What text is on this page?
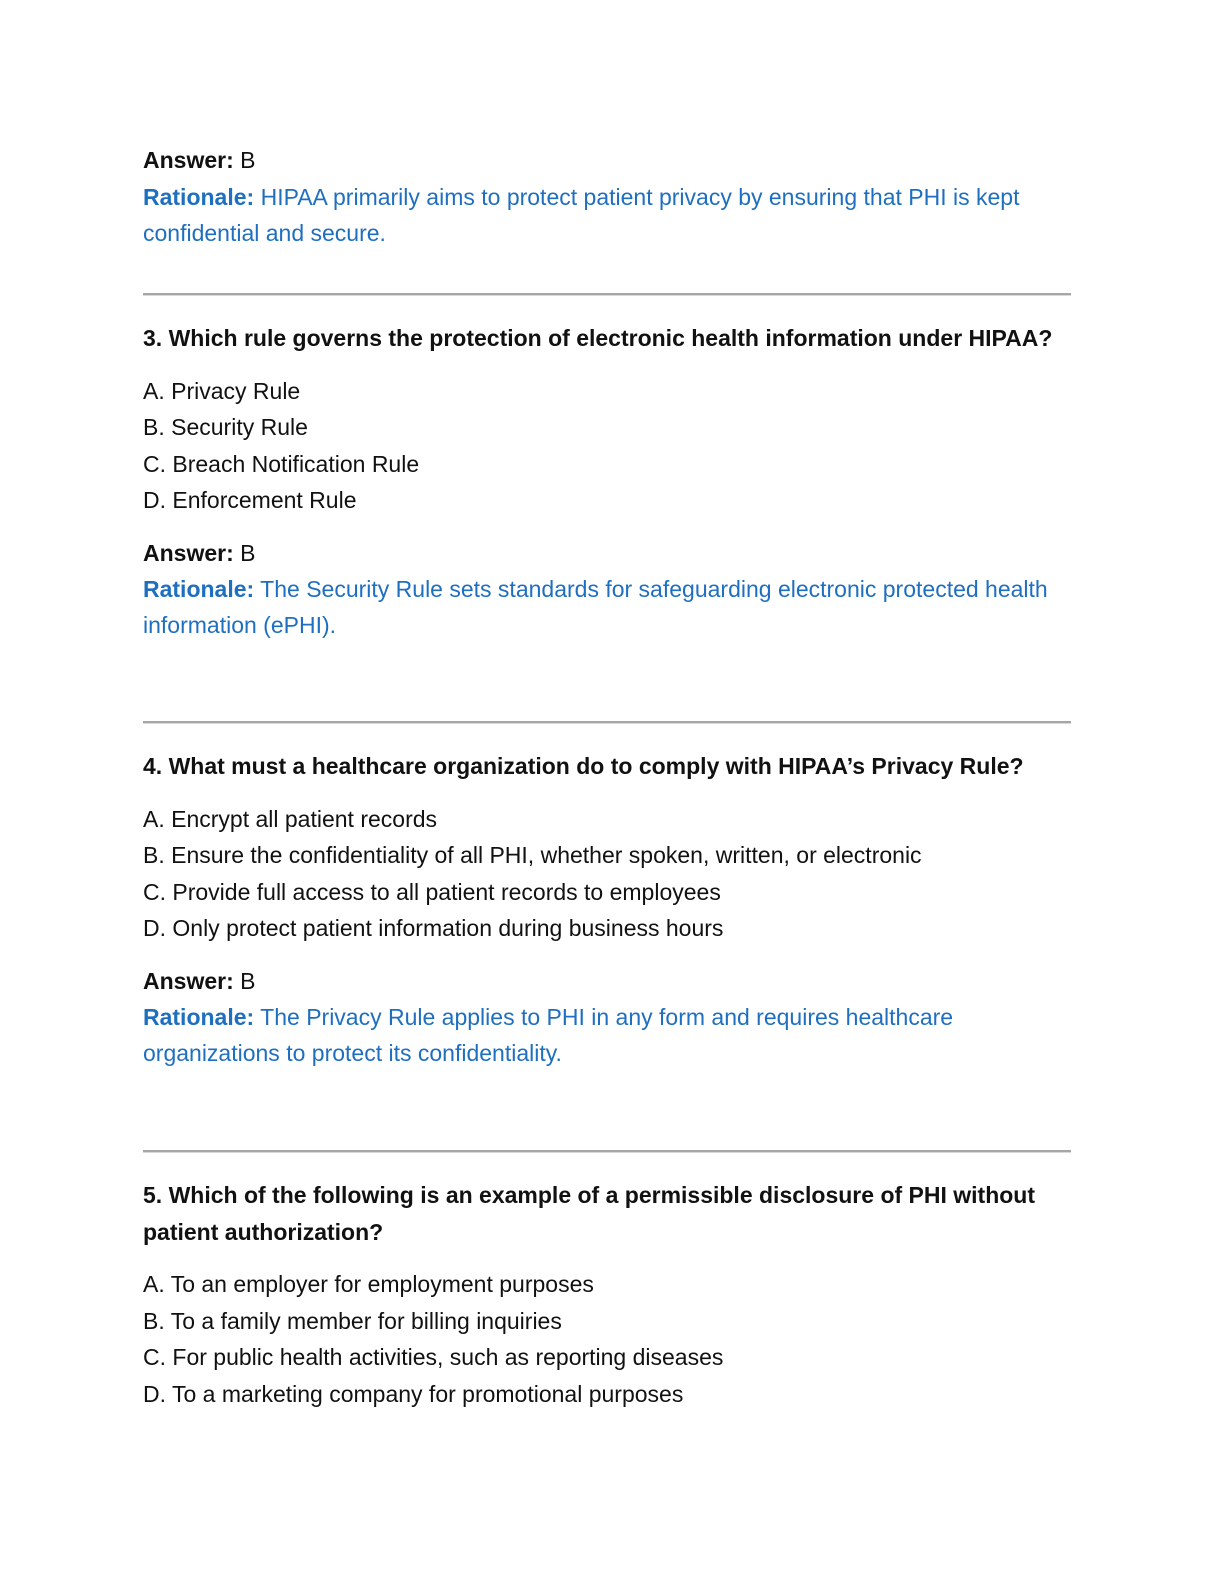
Answer: B
Rationale: HIPAA primarily aims to protect patient privacy by ensuring that PHI is kept confidential and secure.
3. Which rule governs the protection of electronic health information under HIPAA?
A. Privacy Rule
B. Security Rule
C. Breach Notification Rule
D. Enforcement Rule
Answer: B
Rationale: The Security Rule sets standards for safeguarding electronic protected health information (ePHI).
4. What must a healthcare organization do to comply with HIPAA’s Privacy Rule?
A. Encrypt all patient records
B. Ensure the confidentiality of all PHI, whether spoken, written, or electronic
C. Provide full access to all patient records to employees
D. Only protect patient information during business hours
Answer: B
Rationale: The Privacy Rule applies to PHI in any form and requires healthcare organizations to protect its confidentiality.
5. Which of the following is an example of a permissible disclosure of PHI without patient authorization?
A. To an employer for employment purposes
B. To a family member for billing inquiries
C. For public health activities, such as reporting diseases
D. To a marketing company for promotional purposes
